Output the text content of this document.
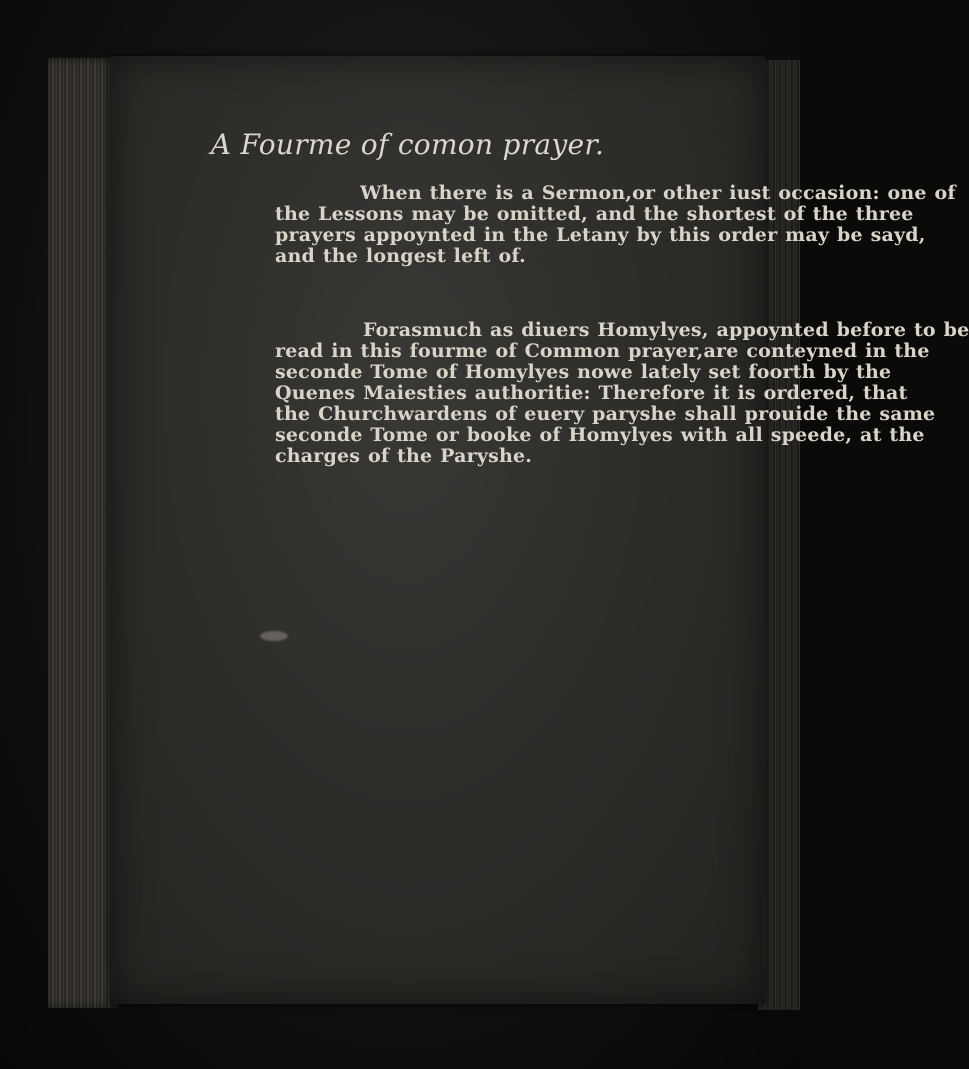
A Fourme of comon prayer.
When there is a Sermon,or other iust occasion: one of
the Lessons may be omitted, and the shortest of the three
prayers appoynted in the Letany by this order may be sayd,
and the longest left of.
Forasmuch as diuers Homylyes, appoynted before to be
read in this fourme of Common prayer,are conteyned in the
seconde Tome of Homylyes nowe lately set foorth by the
Quenes Maiesties authoritie: Therefore it is ordered, that
the Churchwardens of euery paryshe shall prouide the same
seconde Tome or booke of Homylyes with all speede, at the
charges of the Paryshe.
